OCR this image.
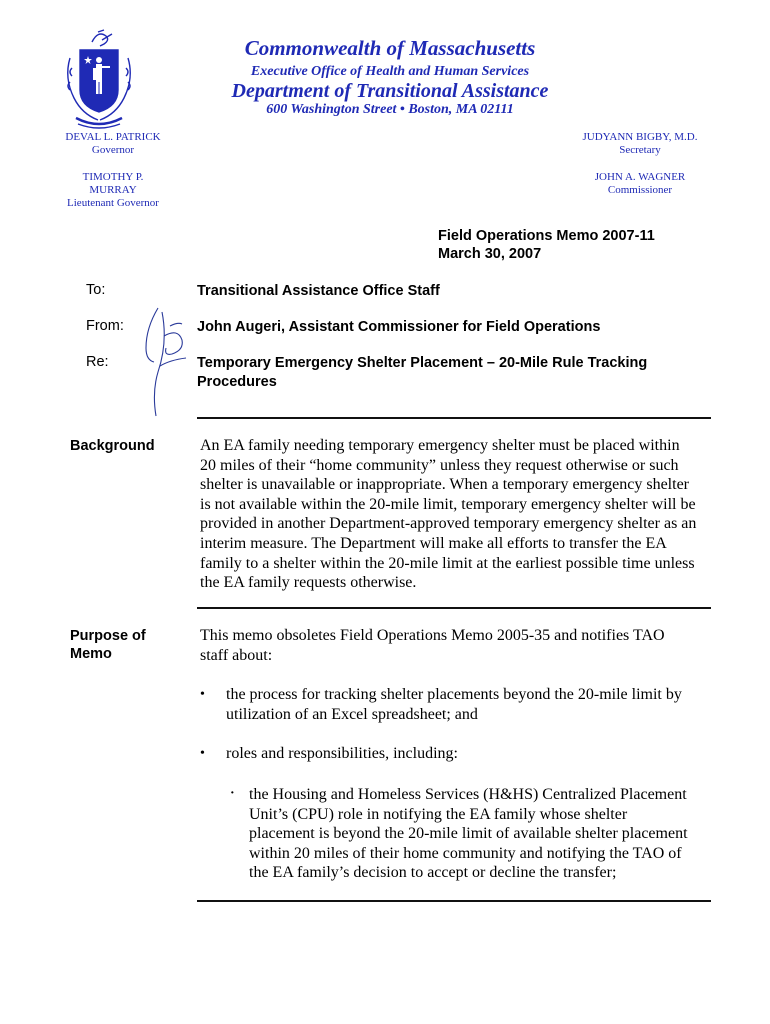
Commonwealth of Massachusetts
Executive Office of Health and Human Services
Department of Transitional Assistance
600 Washington Street • Boston, MA 02111
DEVAL L. PATRICK
Governor
TIMOTHY P. MURRAY
Lieutenant Governor
JUDYANN BIGBY, M.D.
Secretary
JOHN A. WAGNER
Commissioner
Field Operations Memo 2007-11
March 30, 2007
To:	Transitional Assistance Office Staff
From:	John Augeri, Assistant Commissioner for Field Operations
Re:	Temporary Emergency Shelter Placement – 20-Mile Rule Tracking
Procedures
Background	An EA family needing temporary emergency shelter must be placed within
20 miles of their “home community” unless they request otherwise or such
shelter is unavailable or inappropriate. When a temporary emergency shelter
is not available within the 20-mile limit, temporary emergency shelter will be
provided in another Department-approved temporary emergency shelter as an
interim measure. The Department will make all efforts to transfer the EA
family to a shelter within the 20-mile limit at the earliest possible time unless
the EA family requests otherwise.
Purpose of
Memo
This memo obsoletes Field Operations Memo 2005-35 and notifies TAO
staff about:
• the process for tracking shelter placements beyond the 20-mile limit by
utilization of an Excel spreadsheet; and
• roles and responsibilities, including:
· the Housing and Homeless Services (H&HS) Centralized Placement
Unit’s (CPU) role in notifying the EA family whose shelter
placement is beyond the 20-mile limit of available shelter placement
within 20 miles of their home community and notifying the TAO of
the EA family’s decision to accept or decline the transfer;
